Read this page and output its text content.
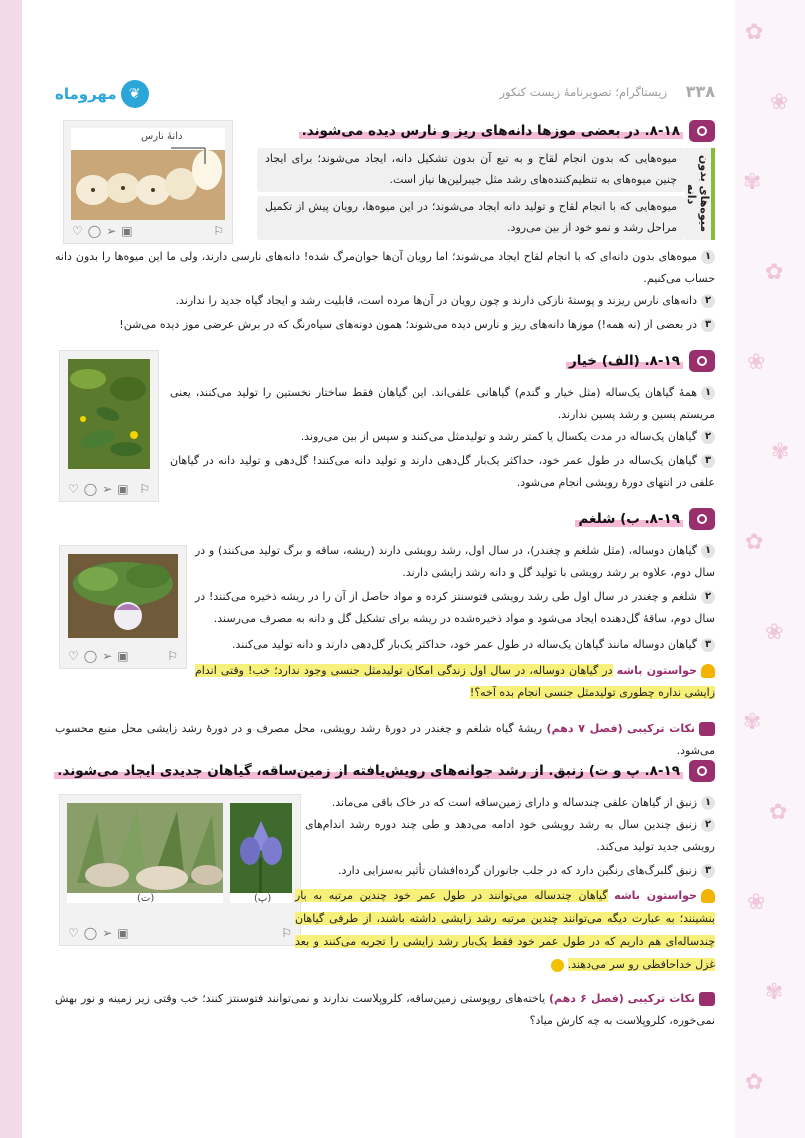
✿
❀
✾
✿
❀
✾
✿
❀
✾
✿
❀
✾
✿
۳۳۸
زیستاگرام؛ تصویرنامهٔ زیست کنکور
مهروماه ❦
۸-۱۸. در بعضی موزها دانه‌های ریز و نارس دیده می‌شوند.
دانهٔ نارس
♡ ◯ ➢ ▣	⚐
میوه‌هایی که بدون انجام لقاح و به تبع آن بدون تشکیل دانه، ایجاد می‌شوند؛ برای ایجاد چنین میوه‌های به تنظیم‌کننده‌های رشد مثل جیبرلین‌ها نیاز است.
میوه‌هایی که با انجام لقاح و تولید دانه ایجاد می‌شوند؛ در این میوه‌ها، رویان پیش از تکمیل مراحل رشد و نمو خود از بین می‌رود.	میوه‌های بدون دانه
۱میوه‌های بدون دانه‌ای که با انجام لقاح ایجاد می‌شوند؛ اما رویان آن‌ها جوان‌مرگ شده! دانه‌های نارسی دارند، ولی ما این میوه‌ها را بدون دانه حساب می‌کنیم.
۲دانه‌های نارس ریزند و پوستهٔ نازکی دارند و چون رویان در آن‌ها مرده است، قابلیت رشد و ایجاد گیاه جدید را ندارند.
۳در بعضی از (نه همه!) موزها دانه‌های ریز و نارس دیده می‌شوند؛ همون دونه‌های سیاه‌رنگ که در برش عرضی موز دیده می‌شن!
۸-۱۹. (الف) خیار
♡ ◯ ➢ ▣ ⚐
۱همهٔ گیاهان یک‌ساله (مثل خیار و گندم) گیاهانی علفی‌اند. این گیاهان فقط ساختار نخستین را تولید می‌کنند، یعنی مریستم پسین و رشد پسین ندارند.
۲گیاهان یک‌ساله در مدت یکسال یا کمتر رشد و تولیدمثل می‌کنند و سپس از بین می‌روند.
۳گیاهان یک‌ساله در طول عمر خود، حداکثر یک‌بار گل‌دهی دارند و تولید دانه می‌کنند! گل‌دهی و تولید دانه در گیاهان علفی در انتهای دورهٔ رویشی انجام می‌شود.
۸-۱۹. ب) شلغم
♡ ◯ ➢ ▣	⚐
۱گیاهان دوساله، (مثل شلغم و چغندر)، در سال اول، رشد رویشی دارند (ریشه، ساقه و برگ تولید می‌کنند) و در سال دوم، علاوه بر رشد رویشی با تولید گل و دانه رشد زایشی دارند.
۲شلغم و چغندر در سال اول طی رشد رویشی فتوسنتز کرده و مواد حاصل از آن را در ریشه ذخیره می‌کنند! در سال دوم، ساقهٔ گل‌دهنده ایجاد می‌شود و مواد ذخیره‌شده در ریشه برای تشکیل گل و دانه به مصرف می‌رسند.
۳گیاهان دوساله مانند گیاهان یک‌ساله در طول عمر خود، حداکثر یک‌بار گل‌دهی دارند و دانه تولید می‌کنند.
حواستون باشه در گیاهان دوساله، در سال اول زندگی امکان تولیدمثل جنسی وجود ندارد؛ خب! وقتی اندام زایشی نداره چطوری تولیدمثل جنسی انجام بده آخه؟!
نکات ترکیبی (فصل ۷ دهم) ریشهٔ گیاه شلغم و چغندر در دورهٔ رشد رویشی، محل مصرف و در دورهٔ رشد زایشی محل منبع محسوب می‌شود.
۸-۱۹. پ و ت) زنبق. از رشد جوانه‌های رویش‌یافته از زمین‌ساقه، گیاهان جدیدی ایجاد می‌شوند.
(ت)	(پ)
♡ ◯ ➢ ▣	⚐
۱زنبق از گیاهان علفی چندساله و دارای زمین‌ساقه است که در خاک باقی می‌ماند.
۲زنبق چندین سال به رشد رویشی خود ادامه می‌دهد و طی چند دوره رشد اندام‌های رویشی جدید تولید می‌کند.
۳زنبق گلبرگ‌های رنگین دارد که در جلب جانوران گرده‌افشان تأثیر به‌سزایی دارد.
حواستون باشه گیاهان چندساله می‌توانند در طول عمر خود چندین مرتبه به بار بنشینند؛ به عبارت دیگه می‌توانند چندین مرتبه رشد زایشی داشته باشند، از طرفی گیاهان چندساله‌ای هم داریم که در طول عمر خود فقط یک‌بار رشد زایشی را تجربه می‌کنند و بعد غزل خداحافظی رو سر می‌دهند.
نکات ترکیبی (فصل ۶ دهم) یاخته‌های روپوستی زمین‌ساقه، کلروپلاست ندارند و نمی‌توانند فتوسنتز کنند؛ خب وقتی زیر زمینه و نور بهش نمی‌خوره، کلروپلاست به چه کارش میاد؟
